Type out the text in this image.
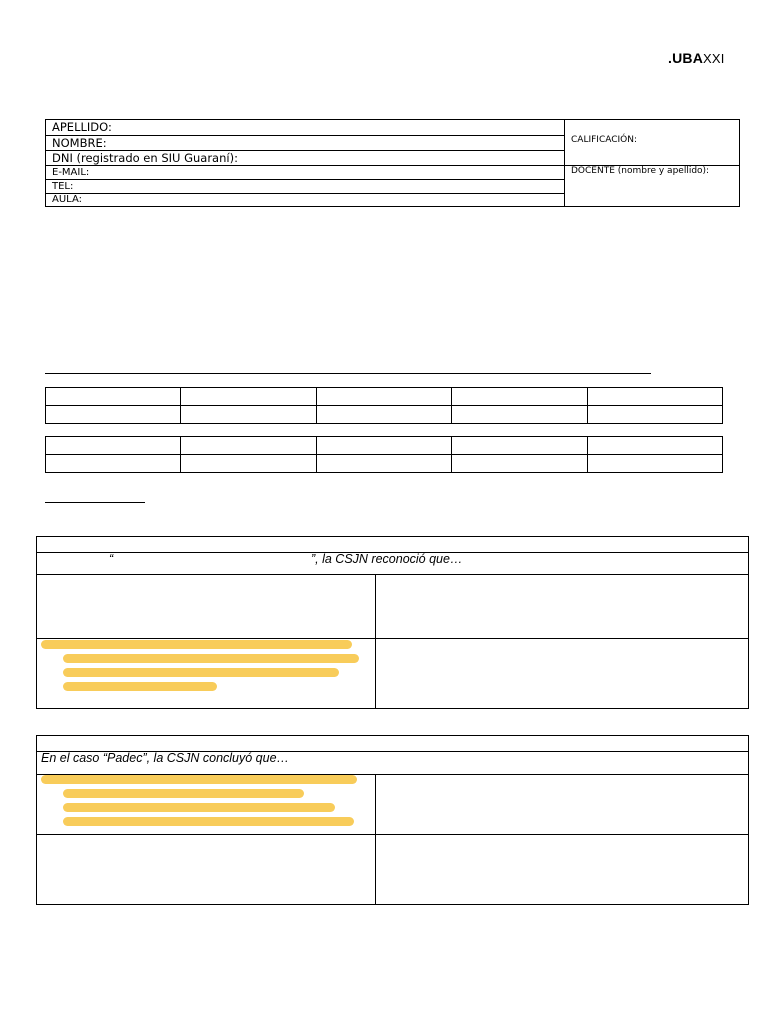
.UBAXXI
APELLIDO:
NOMBRE:
DNI (registrado en SIU Guaraní):
E-MAIL:
TEL:
AULA:
CALIFICACIÓN:
DOCENTE (nombre y apellido):

“	”, la CSJN reconoció que…
En el caso “Padec”, la CSJN concluyó que…
